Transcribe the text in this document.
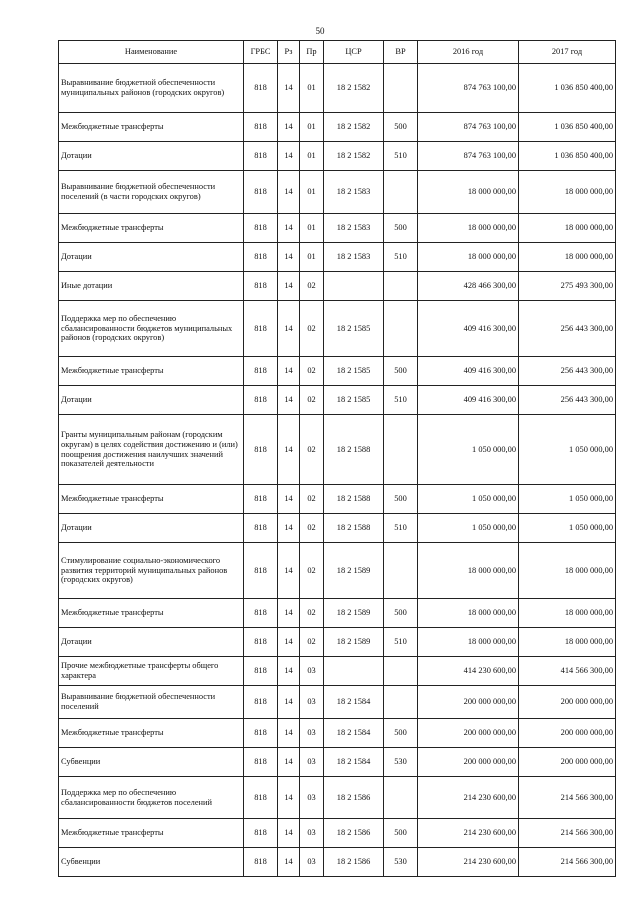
50
Наименование	ГРБС	Рз	Пр	ЦСР	ВР	2016 год	2017 год
Выравнивание бюджетной обеспеченности муниципальных районов (городских округов)	818	14	01	18 2 1582		874 763 100,00	1 036 850 400,00
Межбюджетные трансферты	818	14	01	18 2 1582	500	874 763 100,00	1 036 850 400,00
Дотации	818	14	01	18 2 1582	510	874 763 100,00	1 036 850 400,00
Выравнивание бюджетной обеспеченности поселений (в части городских округов)	818	14	01	18 2 1583		18 000 000,00	18 000 000,00
Межбюджетные трансферты	818	14	01	18 2 1583	500	18 000 000,00	18 000 000,00
Дотации	818	14	01	18 2 1583	510	18 000 000,00	18 000 000,00
Иные дотации	818	14	02			428 466 300,00	275 493 300,00
Поддержка мер по обеспечению сбалансированности бюджетов муниципальных районов (городских округов)	818	14	02	18 2 1585		409 416 300,00	256 443 300,00
Межбюджетные трансферты	818	14	02	18 2 1585	500	409 416 300,00	256 443 300,00
Дотации	818	14	02	18 2 1585	510	409 416 300,00	256 443 300,00
Гранты муниципальным районам (городским округам) в целях содействия достижению и (или) поощрения достижения наилучших значений показателей деятельности	818	14	02	18 2 1588		1 050 000,00	1 050 000,00
Межбюджетные трансферты	818	14	02	18 2 1588	500	1 050 000,00	1 050 000,00
Дотации	818	14	02	18 2 1588	510	1 050 000,00	1 050 000,00
Стимулирование социально-экономического развития территорий муниципальных районов (городских округов)	818	14	02	18 2 1589		18 000 000,00	18 000 000,00
Межбюджетные трансферты	818	14	02	18 2 1589	500	18 000 000,00	18 000 000,00
Дотации	818	14	02	18 2 1589	510	18 000 000,00	18 000 000,00
Прочие межбюджетные трансферты общего характера	818	14	03			414 230 600,00	414 566 300,00
Выравнивание бюджетной обеспеченности поселений	818	14	03	18 2 1584		200 000 000,00	200 000 000,00
Межбюджетные трансферты	818	14	03	18 2 1584	500	200 000 000,00	200 000 000,00
Субвенции	818	14	03	18 2 1584	530	200 000 000,00	200 000 000,00
Поддержка мер по обеспечению сбалансированности бюджетов поселений	818	14	03	18 2 1586		214 230 600,00	214 566 300,00
Межбюджетные трансферты	818	14	03	18 2 1586	500	214 230 600,00	214 566 300,00
Субвенции	818	14	03	18 2 1586	530	214 230 600,00	214 566 300,00
